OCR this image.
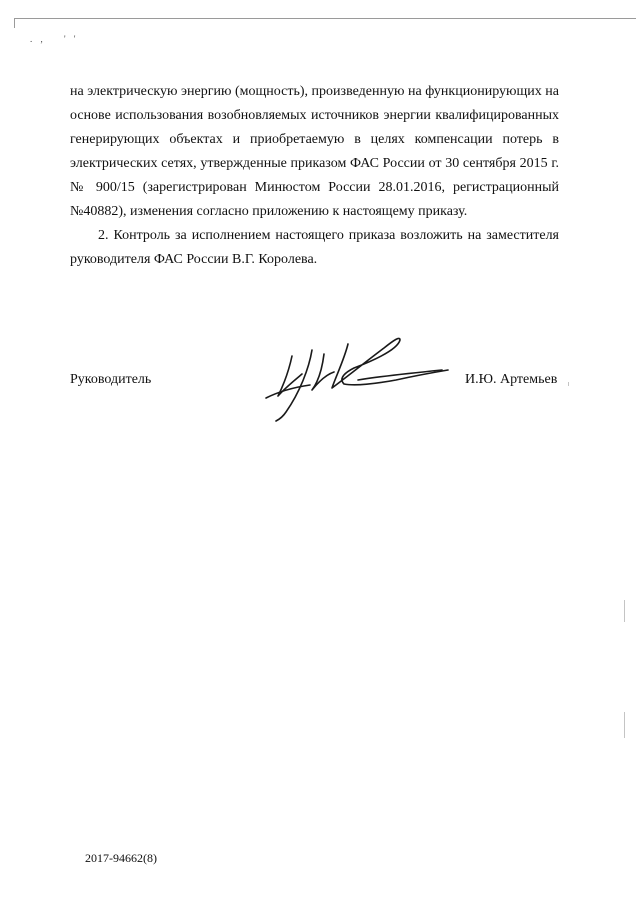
. , ' '

на электрическую энергию (мощность), произведенную на функционирующих на основе использования возобновляемых источников энергии квалифицированных генерирующих объектах и приобретаемую в целях компенсации потерь в электрических сетях, утвержденные приказом ФАС России от 30 сентября 2015 г. № 900/15 (зарегистрирован Минюстом России 28.01.2016, регистрационный №40882), изменения согласно приложению к настоящему приказу.

2. Контроль за исполнением настоящего приказа возложить на заместителя руководителя ФАС России В.Г. Королева.

Руководитель	И.Ю. Артемьев
2017-94662(8)
